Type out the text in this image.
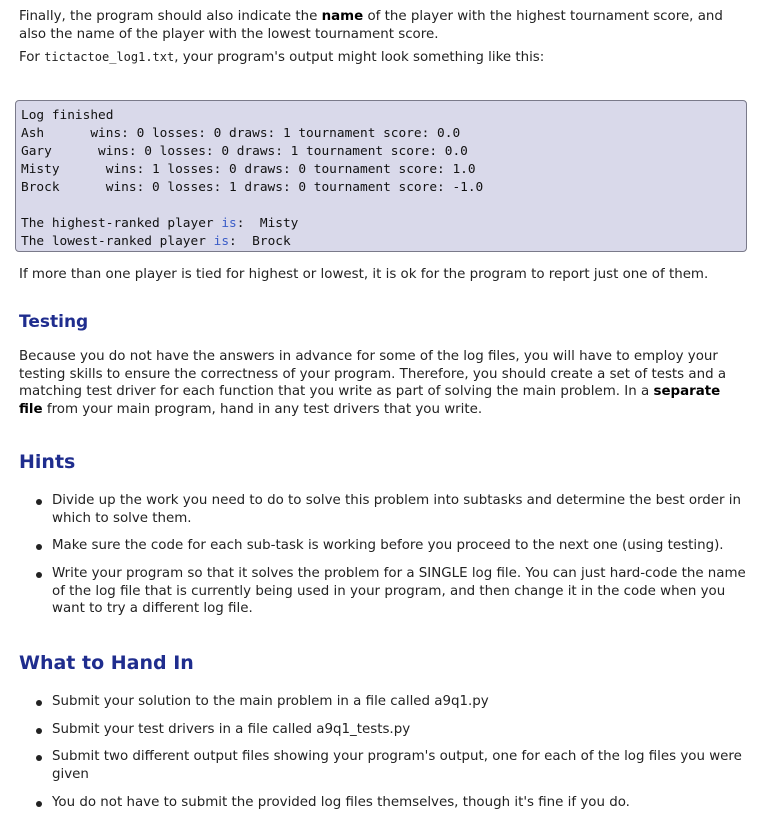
Finally, the program should also indicate the name of the player with the highest tournament score, and also the name of the player with the lowest tournament score.

For tictactoe_log1.txt, your program's output might look something like this:

Log finished
Ash      wins: 0 losses: 0 draws: 1 tournament score: 0.0
Gary      wins: 0 losses: 0 draws: 1 tournament score: 0.0
Misty      wins: 1 losses: 0 draws: 0 tournament score: 1.0
Brock      wins: 0 losses: 1 draws: 0 tournament score: -1.0

The highest-ranked player is:  Misty
The lowest-ranked player is:  Brock

If more than one player is tied for highest or lowest, it is ok for the program to report just one of them.

Testing

Because you do not have the answers in advance for some of the log files, you will have to employ your testing skills to ensure the correctness of your program. Therefore, you should create a set of tests and a matching test driver for each function that you write as part of solving the main problem. In a separate file from your main program, hand in any test drivers that you write.

Hints
Divide up the work you need to do to solve this problem into subtasks and determine the best order in which to solve them.
Make sure the code for each sub-task is working before you proceed to the next one (using testing).
Write your program so that it solves the problem for a SINGLE log file. You can just hard-code the name of the log file that is currently being used in your program, and then change it in the code when you want to try a different log file.
What to Hand In
Submit your solution to the main problem in a file called a9q1.py
Submit your test drivers in a file called a9q1_tests.py
Submit two different output files showing your program's output, one for each of the log files you were given
You do not have to submit the provided log files themselves, though it's fine if you do.
